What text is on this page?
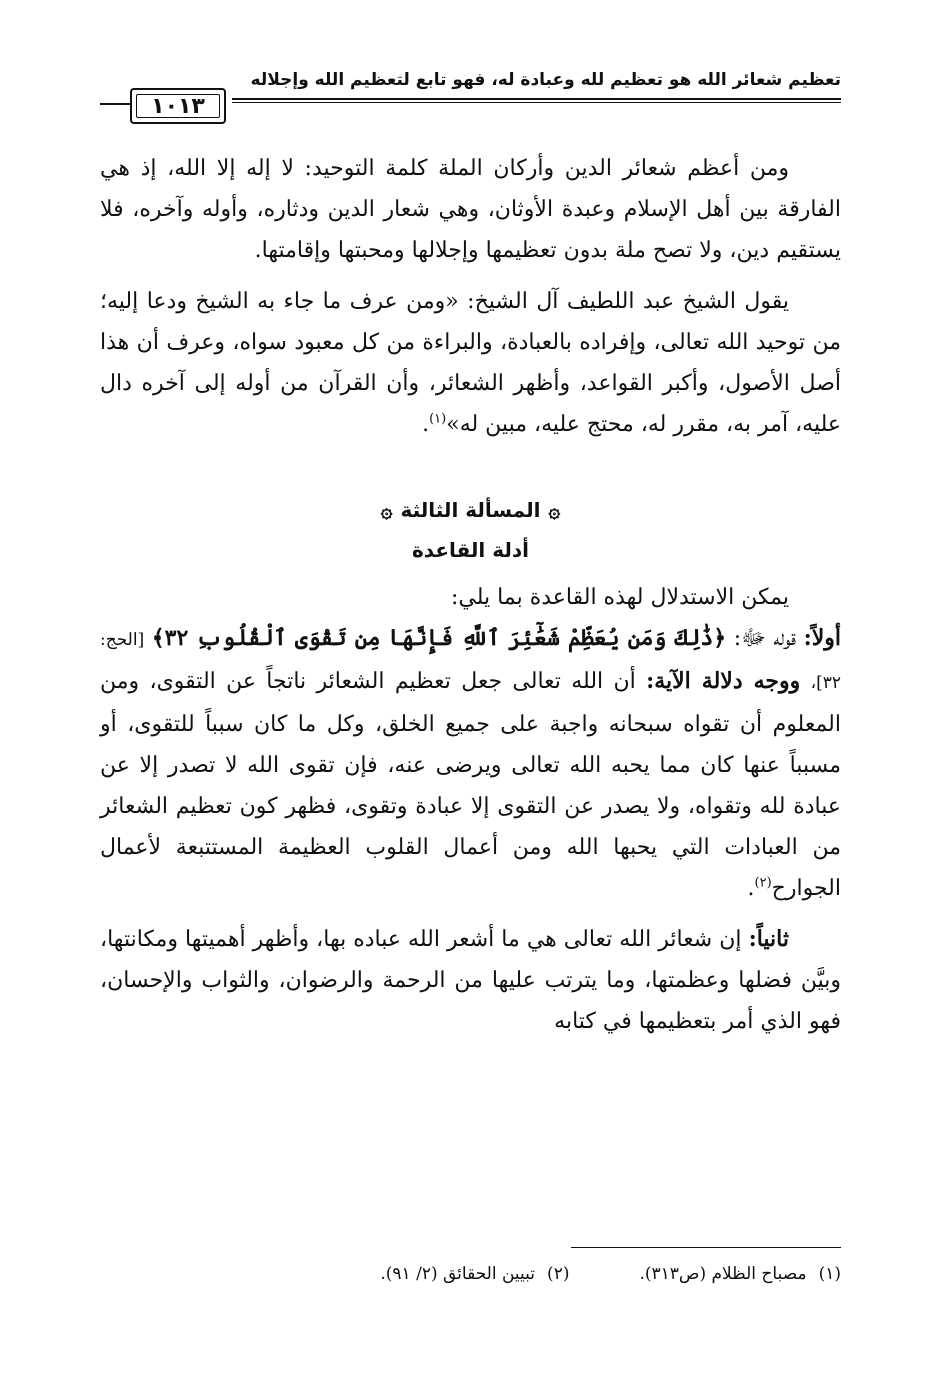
تعظيم شعائر الله هو تعظيم لله وعبادة له، فهو تابع لتعظيم الله وإجلاله
١٠١٣

ومن أعظم شعائر الدين وأركان الملة كلمة التوحيد: لا إله إلا الله، إذ هي الفارقة بين أهل الإسلام وعبدة الأوثان، وهي شعار الدين ودثاره، وأوله وآخره، فلا يستقيم دين، ولا تصح ملة بدون تعظيمها وإجلالها ومحبتها وإقامتها.

يقول الشيخ عبد اللطيف آل الشيخ: «ومن عرف ما جاء به الشيخ ودعا إليه؛ من توحيد الله تعالى، وإفراده بالعبادة، والبراءة من كل معبود سواه، وعرف أن هذا أصل الأصول، وأكبر القواعد، وأظهر الشعائر، وأن القرآن من أوله إلى آخره دال عليه، آمر به، مقرر له، محتج عليه، مبين له»$^{(١)}$.

۞المسألة الثالثة۞
أدلة القاعدة

يمكن الاستدلال لهذه القاعدة بما يلي:

أولاً: قوله ﷻ: ﴿ذَٰلِكَ وَمَن يُعَظِّمْ شَعَٰٓئِرَ ٱللَّهِ فَإِنَّهَا مِن تَقْوَى ٱلْقُلُوبِ ٣٢﴾ [الحج: ٣٢]، ووجه دلالة الآية: أن الله تعالى جعل تعظيم الشعائر ناتجاً عن التقوى، ومن المعلوم أن تقواه سبحانه واجبة على جميع الخلق، وكل ما كان سبباً للتقوى، أو مسبباً عنها كان مما يحبه الله تعالى ويرضى عنه، فإن تقوى الله لا تصدر إلا عن عبادة لله وتقواه، ولا يصدر عن التقوى إلا عبادة وتقوى، فظهر كون تعظيم الشعائر من العبادات التي يحبها الله ومن أعمال القلوب العظيمة المستتبعة لأعمال الجوارح$^{(٢)}$.

ثانياً: إن شعائر الله تعالى هي ما أشعر الله عباده بها، وأظهر أهميتها ومكانتها، وبيَّن فضلها وعظمتها، وما يترتب عليها من الرحمة والرضوان، والثواب والإحسان، فهو الذي أمر بتعظيمها في كتابه

(١)مصباح الظلام (ص٣١٣).
(٢)تبيين الحقائق (٢/ ٩١).
